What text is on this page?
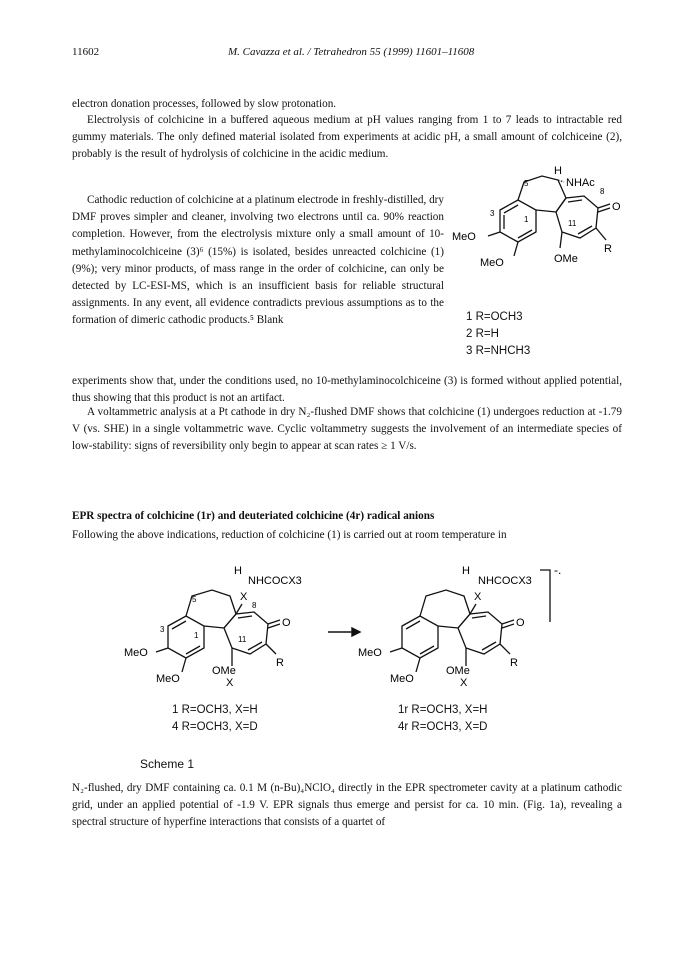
11602	M. Cavazza et al. / Tetrahedron 55 (1999) 11601–11608
electron donation processes, followed by slow protonation.
Electrolysis of colchicine in a buffered aqueous medium at pH values ranging from 1 to 7 leads to intractable red gummy materials. The only defined material isolated from experiments at acidic pH, a small amount of colchiceine (2), probably is the result of hydrolysis of colchicine in the acidic medium.
Cathodic reduction of colchicine at a platinum electrode in freshly-distilled, dry DMF proves simpler and cleaner, involving two electrons until ca. 90% reaction completion. However, from the electrolysis mixture only a small amount of 10-methylaminocolchiceine (3)⁶ (15%) is isolated, besides unreacted colchicine (1) (9%); very minor products, of mass range in the order of colchicine, can only be detected by LC-ESI-MS, which is an insufficient basis for reliable structural assignments. In any event, all evidence contradicts previous assumptions as to the formation of dimeric cathodic products.⁵ Blank
experiments show that, under the conditions used, no 10-methylaminocolchiceine (3) is formed without applied potential, thus showing that this product is not an artifact.
A voltammetric analysis at a Pt cathode in dry N₂-flushed DMF shows that colchicine (1) undergoes reduction at -1.79 V (vs. SHE) in a single voltammetric wave. Cyclic voltammetry suggests the involvement of an intermediate species of low-stability: signs of reversibility only begin to appear at scan rates ≥ 1 V/s.
EPR spectra of colchicine (1r) and deuteriated colchicine (4r) radical anions
Following the above indications, reduction of colchicine (1) is carried out at room temperature in
H
NHAc
5
8
3
1	11
O
R
MeO
MeO	OMe
1 R=OCH3
2 R=H
3 R=NHCH3
H
NHCOCX3
X
5
8
3
1	11
O
R
MeO
MeO
OMe
X
H
NHCOCX3
X
-.
O
R
MeO
MeO
OMe
X
1 R=OCH3, X=H
4 R=OCH3, X=D
1r R=OCH3, X=H
4r R=OCH3, X=D
Scheme 1
N₂-flushed, dry DMF containing ca. 0.1 M (n-Bu)₄NClO₄ directly in the EPR spectrometer cavity at a platinum cathodic grid, under an applied potential of -1.9 V. EPR signals thus emerge and persist for ca. 10 min. (Fig. 1a), revealing a spectral structure of hyperfine interactions that consists of a quartet of
